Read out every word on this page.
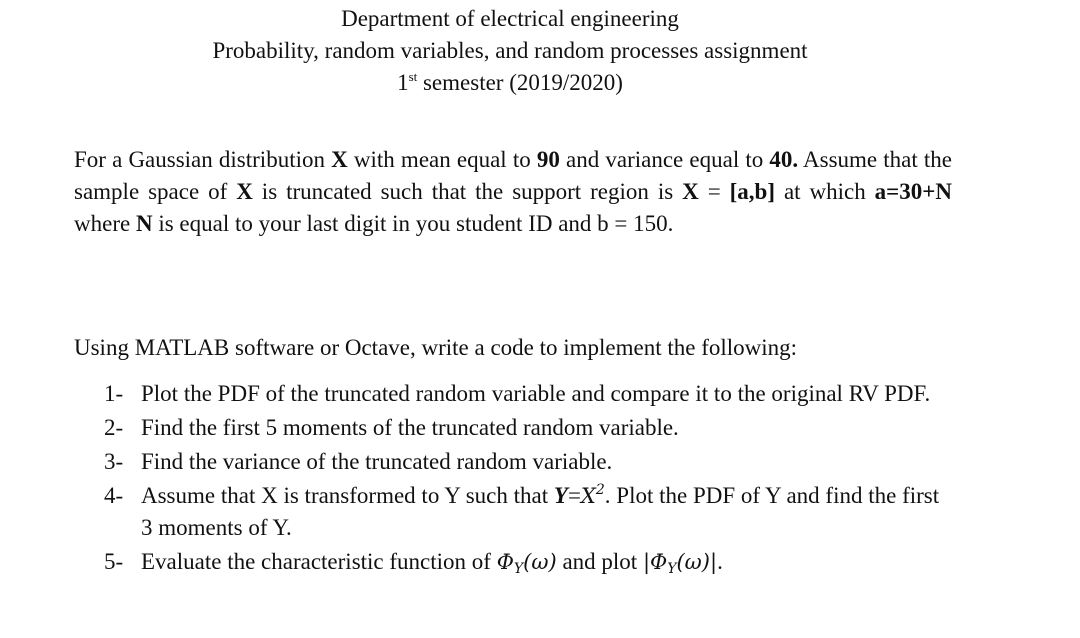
Department of electrical engineering
Probability, random variables, and random processes assignment
1st semester (2019/2020)
For a Gaussian distribution X with mean equal to 90 and variance equal to 40. Assume that the sample space of X is truncated such that the support region is X = [a,b] at which a=30+N where N is equal to your last digit in you student ID and b = 150.
Using MATLAB software or Octave, write a code to implement the following:
1- Plot the PDF of the truncated random variable and compare it to the original RV PDF.
2- Find the first 5 moments of the truncated random variable.
3- Find the variance of the truncated random variable.
4- Assume that X is transformed to Y such that $Y=X^2$. Plot the PDF of Y and find the first 3 moments of Y.
5- Evaluate the characteristic function of $\Phi_Y(\omega)$ and plot $|\Phi_Y(\omega)|$.
